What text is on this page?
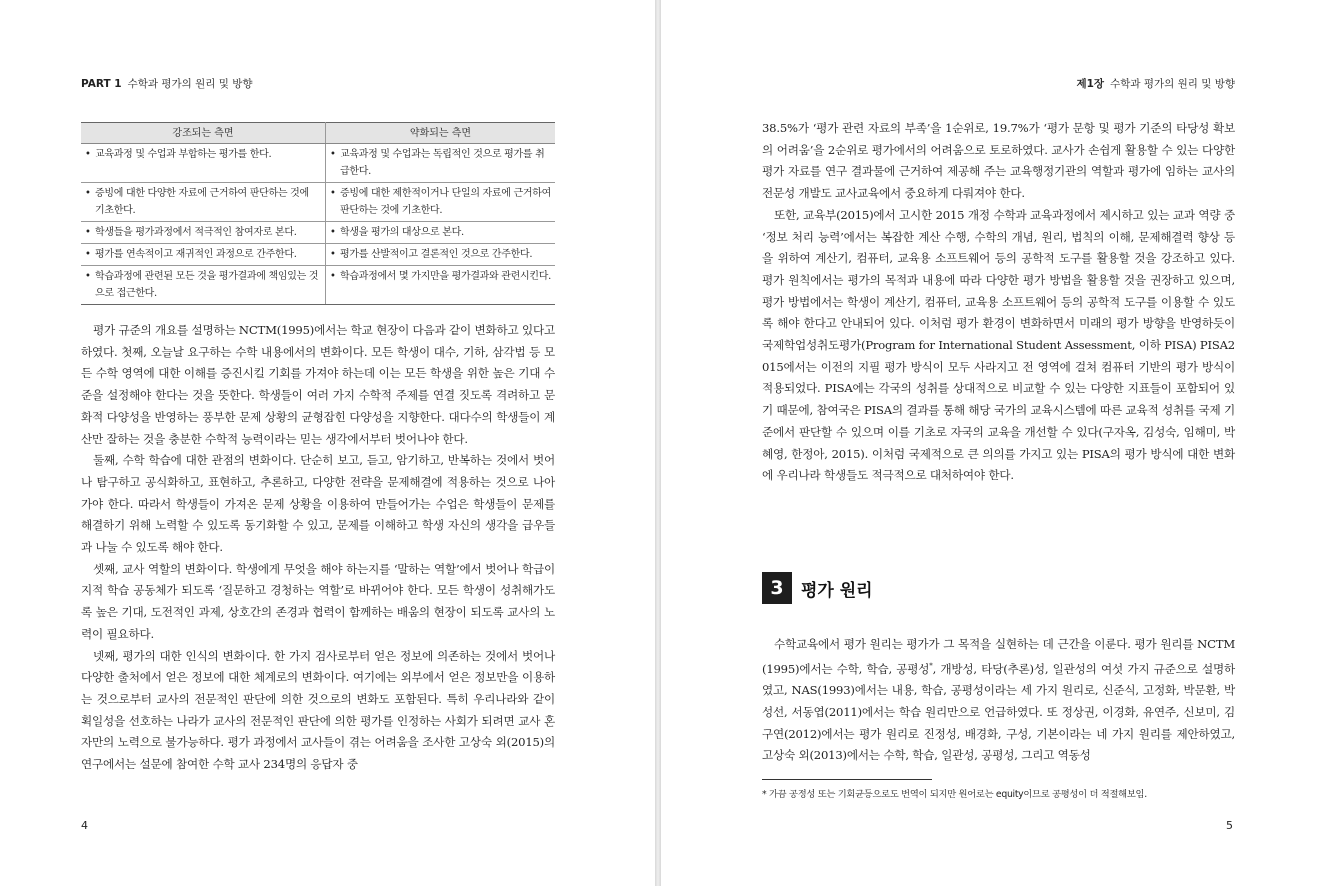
PART 1 수학과 평가의 원리 및 방향
강조되는 측면	약화되는 측면

• 교육과정 및 수업과 부합하는 평가를 한다.	• 교육과정 및 수업과는 독립적인 것으로 평가를 취급한다.

• 증빙에 대한 다양한 자료에 근거하여 판단하는 것에 기초한다.	• 증빙에 대한 제한적이거나 단일의 자료에 근거하여 판단하는 것에 기초한다.

• 학생들을 평가과정에서 적극적인 참여자로 본다.	• 학생을 평가의 대상으로 본다.

• 평가를 연속적이고 재귀적인 과정으로 간주한다.	• 평가를 산발적이고 결론적인 것으로 간주한다.

• 학습과정에 관련된 모든 것을 평가결과에 책임있는 것으로 접근한다.	• 학습과정에서 몇 가지만을 평가결과와 관련시킨다.

평가 규준의 개요를 설명하는 NCTM(1995)에서는 학교 현장이 다음과 같이 변화하고 있다고 하였다. 첫째, 오늘날 요구하는 수학 내용에서의 변화이다. 모든 학생이 대수, 기하, 삼각법 등 모든 수학 영역에 대한 이해를 증진시킬 기회를 가져야 하는데 이는 모든 학생을 위한 높은 기대 수준을 설정해야 한다는 것을 뜻한다. 학생들이 여러 가지 수학적 주제를 연결 짓도록 격려하고 문화적 다양성을 반영하는 풍부한 문제 상황의 균형잡힌 다양성을 지향한다. 대다수의 학생들이 계산만 잘하는 것을 충분한 수학적 능력이라는 믿는 생각에서부터 벗어나야 한다.

둘째, 수학 학습에 대한 관점의 변화이다. 단순히 보고, 듣고, 암기하고, 반복하는 것에서 벗어나 탐구하고 공식화하고, 표현하고, 추론하고, 다양한 전략을 문제해결에 적용하는 것으로 나아가야 한다. 따라서 학생들이 가져온 문제 상황을 이용하여 만들어가는 수업은 학생들이 문제를 해결하기 위해 노력할 수 있도록 동기화할 수 있고, 문제를 이해하고 학생 자신의 생각을 급우들과 나눌 수 있도록 해야 한다.

셋째, 교사 역할의 변화이다. 학생에게 무엇을 해야 하는지를 ‘말하는 역할’에서 벗어나 학급이 지적 학습 공동체가 되도록 ‘질문하고 경청하는 역할’로 바뀌어야 한다. 모든 학생이 성취해가도록 높은 기대, 도전적인 과제, 상호간의 존경과 협력이 함께하는 배움의 현장이 되도록 교사의 노력이 필요하다.

넷째, 평가의 대한 인식의 변화이다. 한 가지 검사로부터 얻은 정보에 의존하는 것에서 벗어나 다양한 출처에서 얻은 정보에 대한 체계로의 변화이다. 여기에는 외부에서 얻은 정보만을 이용하는 것으로부터 교사의 전문적인 판단에 의한 것으로의 변화도 포함된다. 특히 우리나라와 같이 획일성을 선호하는 나라가 교사의 전문적인 판단에 의한 평가를 인정하는 사회가 되려면 교사 혼자만의 노력으로 불가능하다. 평가 과정에서 교사들이 겪는 어려움을 조사한 고상숙 외(2015)의 연구에서는 설문에 참여한 수학 교사 234명의 응답자 중

4
제1장 수학과 평가의 원리 및 방향

38.5%가 ‘평가 관련 자료의 부족’을 1순위로, 19.7%가 ‘평가 문항 및 평가 기준의 타당성 확보의 어려움’을 2순위로 평가에서의 어려움으로 토로하였다. 교사가 손쉽게 활용할 수 있는 다양한 평가 자료를 연구 결과물에 근거하여 제공해 주는 교육행정기관의 역할과 평가에 임하는 교사의 전문성 개발도 교사교육에서 중요하게 다뤄져야 한다.

또한, 교육부(2015)에서 고시한 2015 개정 수학과 교육과정에서 제시하고 있는 교과 역량 중 ‘정보 처리 능력’에서는 복잡한 계산 수행, 수학의 개념, 원리, 법칙의 이해, 문제해결력 향상 등을 위하여 계산기, 컴퓨터, 교육용 소프트웨어 등의 공학적 도구를 활용할 것을 강조하고 있다. 평가 원칙에서는 평가의 목적과 내용에 따라 다양한 평가 방법을 활용할 것을 권장하고 있으며, 평가 방법에서는 학생이 계산기, 컴퓨터, 교육용 소프트웨어 등의 공학적 도구를 이용할 수 있도록 해야 한다고 안내되어 있다. 이처럼 평가 환경이 변화하면서 미래의 평가 방향을 반영하듯이 국제학업성취도평가(Program for International Student Assessment, 이하 PISA) PISA2015에서는 이전의 지필 평가 방식이 모두 사라지고 전 영역에 걸쳐 컴퓨터 기반의 평가 방식이 적용되었다. PISA에는 각국의 성취를 상대적으로 비교할 수 있는 다양한 지표들이 포함되어 있기 때문에, 참여국은 PISA의 결과를 통해 해당 국가의 교육시스템에 따른 교육적 성취를 국제 기준에서 판단할 수 있으며 이를 기초로 자국의 교육을 개선할 수 있다(구자옥, 김성숙, 임해미, 박혜영, 한정아, 2015). 이처럼 국제적으로 큰 의의를 가지고 있는 PISA의 평가 방식에 대한 변화에 우리나라 학생들도 적극적으로 대처하여야 한다.

3	평가 원리

수학교육에서 평가 원리는 평가가 그 목적을 실현하는 데 근간을 이룬다. 평가 원리를 NCTM(1995)에서는 수학, 학습, 공평성*, 개방성, 타당(추론)성, 일관성의 여섯 가지 규준으로 설명하였고, NAS(1993)에서는 내용, 학습, 공평성이라는 세 가지 원리로, 신준식, 고정화, 박문환, 박성선, 서동엽(2011)에서는 학습 원리만으로 언급하였다. 또 정상권, 이경화, 유연주, 신보미, 김구연(2012)에서는 평가 원리로 진정성, 배경화, 구성, 기본이라는 네 가지 원리를 제안하였고, 고상숙 외(2013)에서는 수학, 학습, 일관성, 공평성, 그리고 역동성

* 가끔 공정성 또는 기회균등으로도 번역이 되지만 원어로는 equity이므로 공평성이 더 적절해보임.
5
